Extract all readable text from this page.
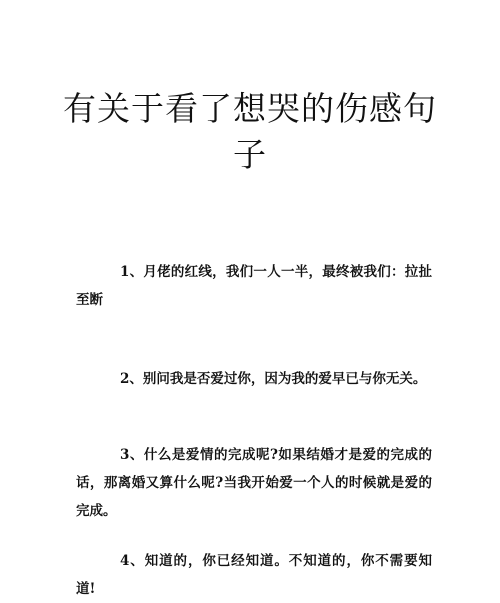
有关于看了想哭的伤感句子

1、月佬的红线，我们一人一半，最终被我们：拉扯至断

2、别问我是否爱过你，因为我的爱早已与你无关。

3、什么是爱情的完成呢?如果结婚才是爱的完成的话，那离婚又算什么呢?当我开始爱一个人的时候就是爱的完成。

4、知道的，你已经知道。不知道的，你不需要知道!
